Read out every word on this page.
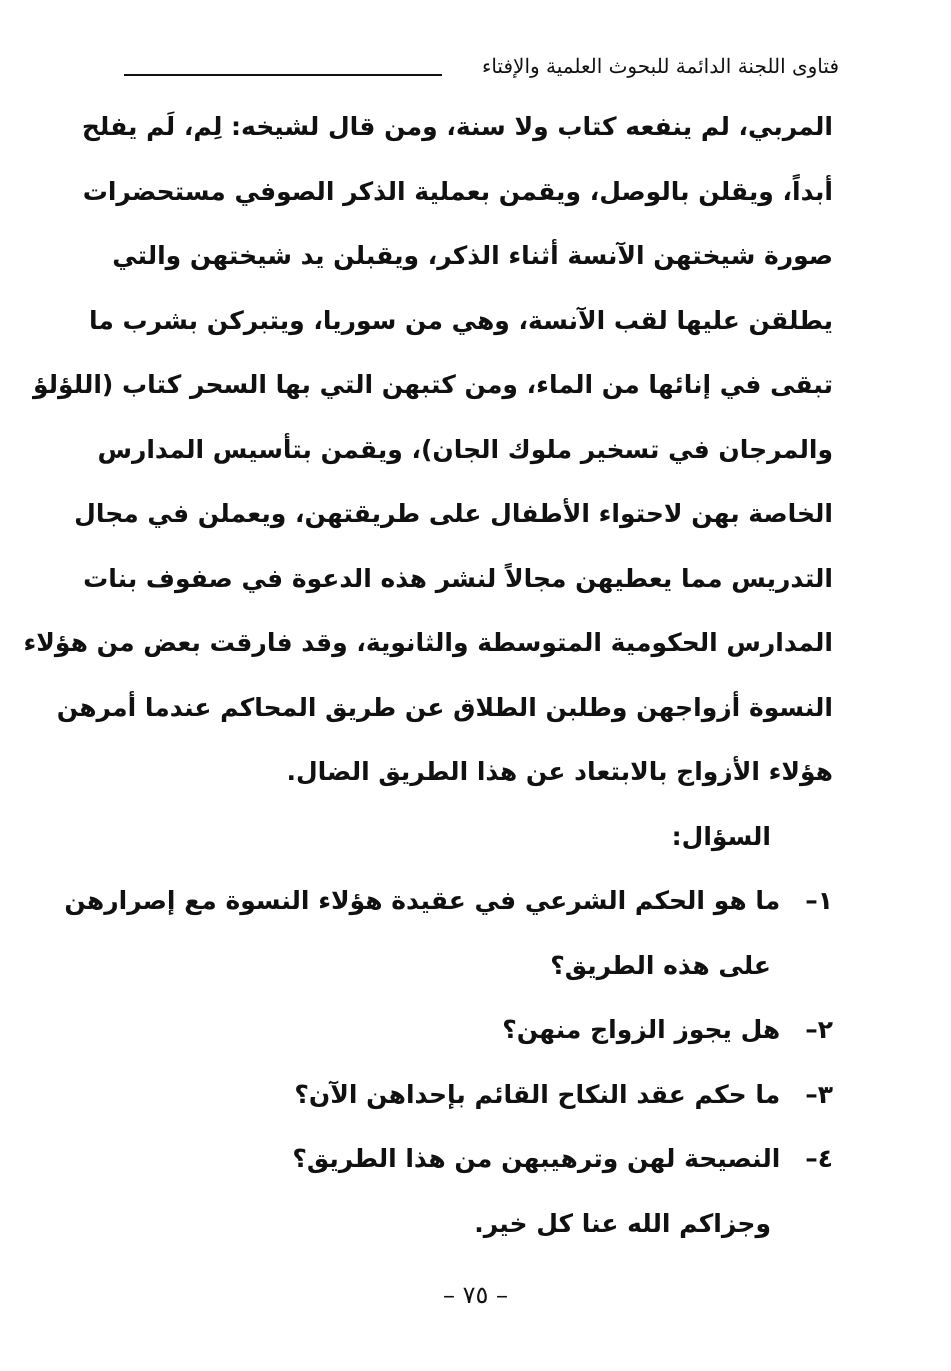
فتاوى اللجنة الدائمة للبحوث العلمية والإفتاء
المربي، لم ينفعه كتاب ولا سنة، ومن قال لشيخه: لِم، لَم يفلح
أبداً، ويقلن بالوصل، ويقمن بعملية الذكر الصوفي مستحضرات
صورة شيختهن الآنسة أثناء الذكر، ويقبلن يد شيختهن والتي
يطلقن عليها لقب الآنسة، وهي من سوريا، ويتبركن بشرب ما
تبقى في إنائها من الماء، ومن كتبهن التي بها السحر كتاب (اللؤلؤ
والمرجان في تسخير ملوك الجان)، ويقمن بتأسيس المدارس
الخاصة بهن لاحتواء الأطفال على طريقتهن، ويعملن في مجال
التدريس مما يعطيهن مجالاً لنشر هذه الدعوة في صفوف بنات
المدارس الحكومية المتوسطة والثانوية، وقد فارقت بعض من هؤلاء
النسوة أزواجهن وطلبن الطلاق عن طريق المحاكم عندما أمرهن
هؤلاء الأزواج بالابتعاد عن هذا الطريق الضال.
السؤال:
١– ما هو الحكم الشرعي في عقيدة هؤلاء النسوة مع إصرارهن
على هذه الطريق؟
٢– هل يجوز الزواج منهن؟
٣– ما حكم عقد النكاح القائم بإحداهن الآن؟
٤– النصيحة لهن وترهيبهن من هذا الطريق؟
وجزاكم الله عنا كل خير.
– ٧٥ –
